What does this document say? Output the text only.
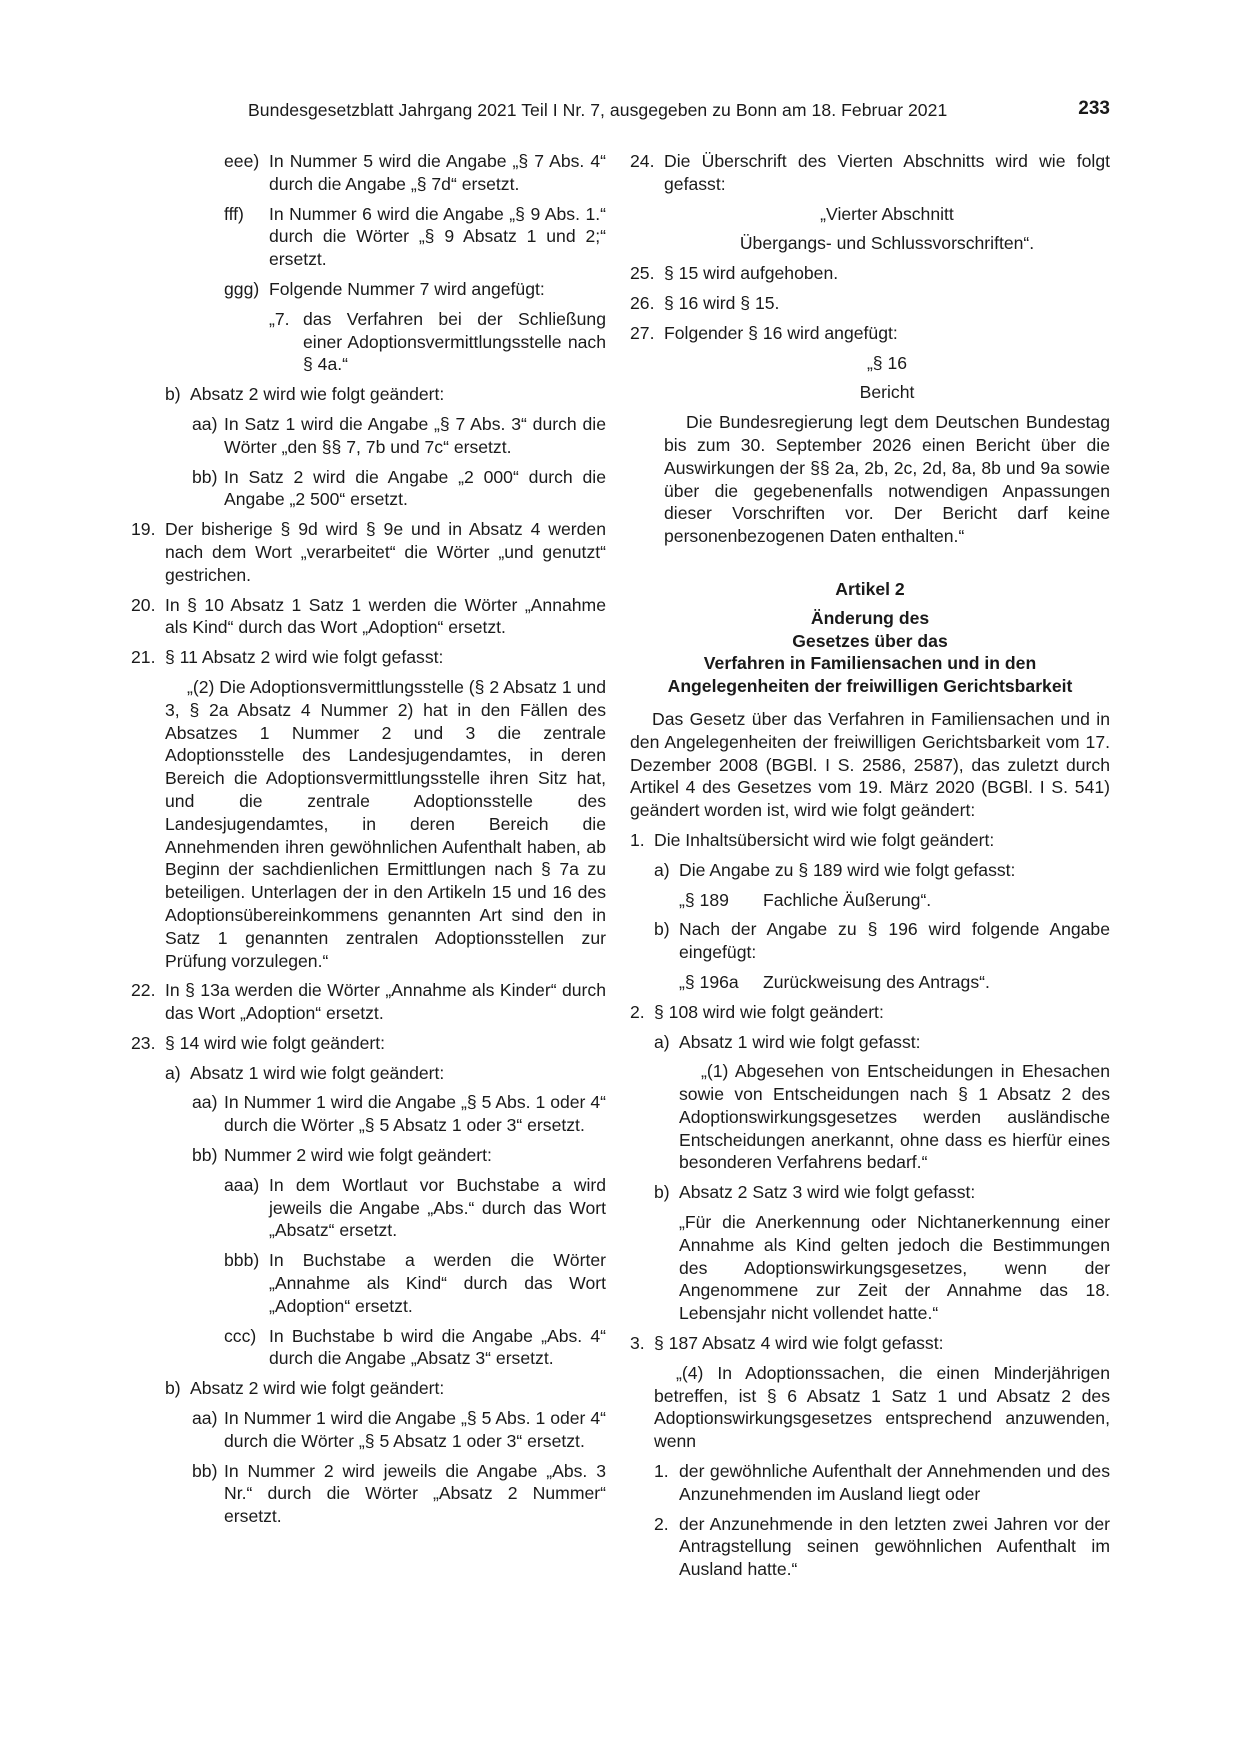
Bundesgesetzblatt Jahrgang 2021 Teil I Nr. 7, ausgegeben zu Bonn am 18. Februar 2021	233
eee) In Nummer 5 wird die Angabe „§ 7 Abs. 4“ durch die Angabe „§ 7d“ ersetzt.
fff)	In Nummer 6 wird die Angabe „§ 9 Abs. 1.“ durch die Wörter „§ 9 Absatz 1 und 2;“ ersetzt.
ggg) Folgende Nummer 7 wird angefügt:
„7. das Verfahren bei der Schließung einer Adoptionsvermittlungsstelle nach § 4a.“
b) Absatz 2 wird wie folgt geändert:
aa) In Satz 1 wird die Angabe „§ 7 Abs. 3“ durch die Wörter „den §§ 7, 7b und 7c“ ersetzt.
bb) In Satz 2 wird die Angabe „2 000“ durch die Angabe „2 500“ ersetzt.
19. Der bisherige § 9d wird § 9e und in Absatz 4 werden nach dem Wort „verarbeitet“ die Wörter „und genutzt“ gestrichen.
20. In § 10 Absatz 1 Satz 1 werden die Wörter „Annahme als Kind“ durch das Wort „Adoption“ ersetzt.
21. § 11 Absatz 2 wird wie folgt gefasst:
„(2) Die Adoptionsvermittlungsstelle (§ 2 Absatz 1 und 3, § 2a Absatz 4 Nummer 2) hat in den Fällen des Absatzes 1 Nummer 2 und 3 die zentrale Adoptionsstelle des Landesjugendamtes, in deren Bereich die Adoptionsvermittlungsstelle ihren Sitz hat, und die zentrale Adoptionsstelle des Landesjugendamtes, in deren Bereich die Annehmenden ihren gewöhnlichen Aufenthalt haben, ab Beginn der sachdienlichen Ermittlungen nach § 7a zu beteiligen. Unterlagen der in den Artikeln 15 und 16 des Adoptionsübereinkommens genannten Art sind den in Satz 1 genannten zentralen Adoptionsstellen zur Prüfung vorzulegen.“
22. In § 13a werden die Wörter „Annahme als Kinder“ durch das Wort „Adoption“ ersetzt.
23. § 14 wird wie folgt geändert:
a) Absatz 1 wird wie folgt geändert:
aa) In Nummer 1 wird die Angabe „§ 5 Abs. 1 oder 4“ durch die Wörter „§ 5 Absatz 1 oder 3“ ersetzt.
bb) Nummer 2 wird wie folgt geändert:
aaa) In dem Wortlaut vor Buchstabe a wird jeweils die Angabe „Abs.“ durch das Wort „Absatz“ ersetzt.
bbb) In Buchstabe a werden die Wörter „Annahme als Kind“ durch das Wort „Adoption“ ersetzt.
ccc) In Buchstabe b wird die Angabe „Abs. 4“ durch die Angabe „Absatz 3“ ersetzt.
b) Absatz 2 wird wie folgt geändert:
aa) In Nummer 1 wird die Angabe „§ 5 Abs. 1 oder 4“ durch die Wörter „§ 5 Absatz 1 oder 3“ ersetzt.
bb) In Nummer 2 wird jeweils die Angabe „Abs. 3 Nr.“ durch die Wörter „Absatz 2 Nummer“ ersetzt.
24. Die Überschrift des Vierten Abschnitts wird wie folgt gefasst:
„Vierter Abschnitt
Übergangs- und Schlussvorschriften“.
25. § 15 wird aufgehoben.
26. § 16 wird § 15.
27. Folgender § 16 wird angefügt:
„§ 16
Bericht
Die Bundesregierung legt dem Deutschen Bundestag bis zum 30. September 2026 einen Bericht über die Auswirkungen der §§ 2a, 2b, 2c, 2d, 8a, 8b und 9a sowie über die gegebenenfalls notwendigen Anpassungen dieser Vorschriften vor. Der Bericht darf keine personenbezogenen Daten enthalten.“
Artikel 2
Änderung des
Gesetzes über das
Verfahren in Familiensachen und in den
Angelegenheiten der freiwilligen Gerichtsbarkeit
Das Gesetz über das Verfahren in Familiensachen und in den Angelegenheiten der freiwilligen Gerichtsbarkeit vom 17. Dezember 2008 (BGBl. I S. 2586, 2587), das zuletzt durch Artikel 4 des Gesetzes vom 19. März 2020 (BGBl. I S. 541) geändert worden ist, wird wie folgt geändert:
1. Die Inhaltsübersicht wird wie folgt geändert:
a) Die Angabe zu § 189 wird wie folgt gefasst:
„§ 189	Fachliche Äußerung“.
b) Nach der Angabe zu § 196 wird folgende Angabe eingefügt:
„§ 196a	Zurückweisung des Antrags“.
2. § 108 wird wie folgt geändert:
a) Absatz 1 wird wie folgt gefasst:
„(1) Abgesehen von Entscheidungen in Ehesachen sowie von Entscheidungen nach § 1 Absatz 2 des Adoptionswirkungsgesetzes werden ausländische Entscheidungen anerkannt, ohne dass es hierfür eines besonderen Verfahrens bedarf.“
b) Absatz 2 Satz 3 wird wie folgt gefasst:
„Für die Anerkennung oder Nichtanerkennung einer Annahme als Kind gelten jedoch die Bestimmungen des Adoptionswirkungsgesetzes, wenn der Angenommene zur Zeit der Annahme das 18. Lebensjahr nicht vollendet hatte.“
3. § 187 Absatz 4 wird wie folgt gefasst:
„(4) In Adoptionssachen, die einen Minderjährigen betreffen, ist § 6 Absatz 1 Satz 1 und Absatz 2 des Adoptionswirkungsgesetzes entsprechend anzuwenden, wenn
1. der gewöhnliche Aufenthalt der Annehmenden und des Anzunehmenden im Ausland liegt oder
2. der Anzunehmende in den letzten zwei Jahren vor der Antragstellung seinen gewöhnlichen Aufenthalt im Ausland hatte.“
